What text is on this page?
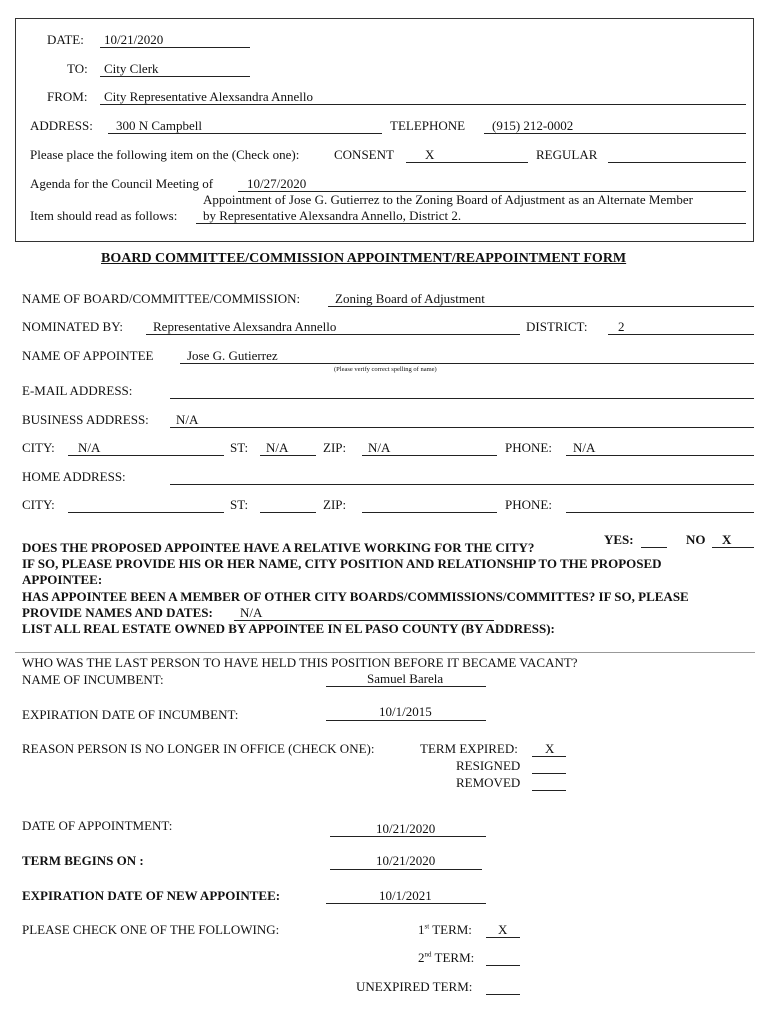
DATE: 10/21/2020
TO: City Clerk
FROM: City Representative Alexsandra Annello
ADDRESS: 300 N Campbell	TELEPHONE (915) 212-0002
Please place the following item on the (Check one):	CONSENT X	REGULAR
Agenda for the Council Meeting of	10/27/2020
Appointment of Jose G. Gutierrez to the Zoning Board of Adjustment as an Alternate Member
Item should read as follows: by Representative Alexsandra Annello, District 2.
BOARD COMMITTEE/COMMISSION APPOINTMENT/REAPPOINTMENT FORM
NAME OF BOARD/COMMITTEE/COMMISSION:	Zoning Board of Adjustment
NOMINATED BY: Representative Alexsandra Annello	DISTRICT: 2
NAME OF APPOINTEE	Jose G. Gutierrez
(Please verify correct spelling of name)
E-MAIL ADDRESS:
BUSINESS ADDRESS: N/A
CITY: N/A	ST: N/A	ZIP: N/A	PHONE: N/A
HOME ADDRESS:
CITY:	ST:	ZIP:	PHONE:
YES:	NO X
DOES THE PROPOSED APPOINTEE HAVE A RELATIVE WORKING FOR THE CITY?
IF SO, PLEASE PROVIDE HIS OR HER NAME, CITY POSITION AND RELATIONSHIP TO THE PROPOSED
APPOINTEE:
HAS APPOINTEE BEEN A MEMBER OF OTHER CITY BOARDS/COMMISSIONS/COMMITTES? IF SO, PLEASE
PROVIDE NAMES AND DATES: N/A
LIST ALL REAL ESTATE OWNED BY APPOINTEE IN EL PASO COUNTY (BY ADDRESS):
WHO WAS THE LAST PERSON TO HAVE HELD THIS POSITION BEFORE IT BECAME VACANT?
NAME OF INCUMBENT:	Samuel Barela
EXPIRATION DATE OF INCUMBENT:	10/1/2015
REASON PERSON IS NO LONGER IN OFFICE (CHECK ONE):	TERM EXPIRED: X
RESIGNED
REMOVED
DATE OF APPOINTMENT:	10/21/2020
TERM BEGINS ON :	10/21/2020
EXPIRATION DATE OF NEW APPOINTEE:	10/1/2021
PLEASE CHECK ONE OF THE FOLLOWING:	1st TERM: X
2nd TERM:
UNEXPIRED TERM:
